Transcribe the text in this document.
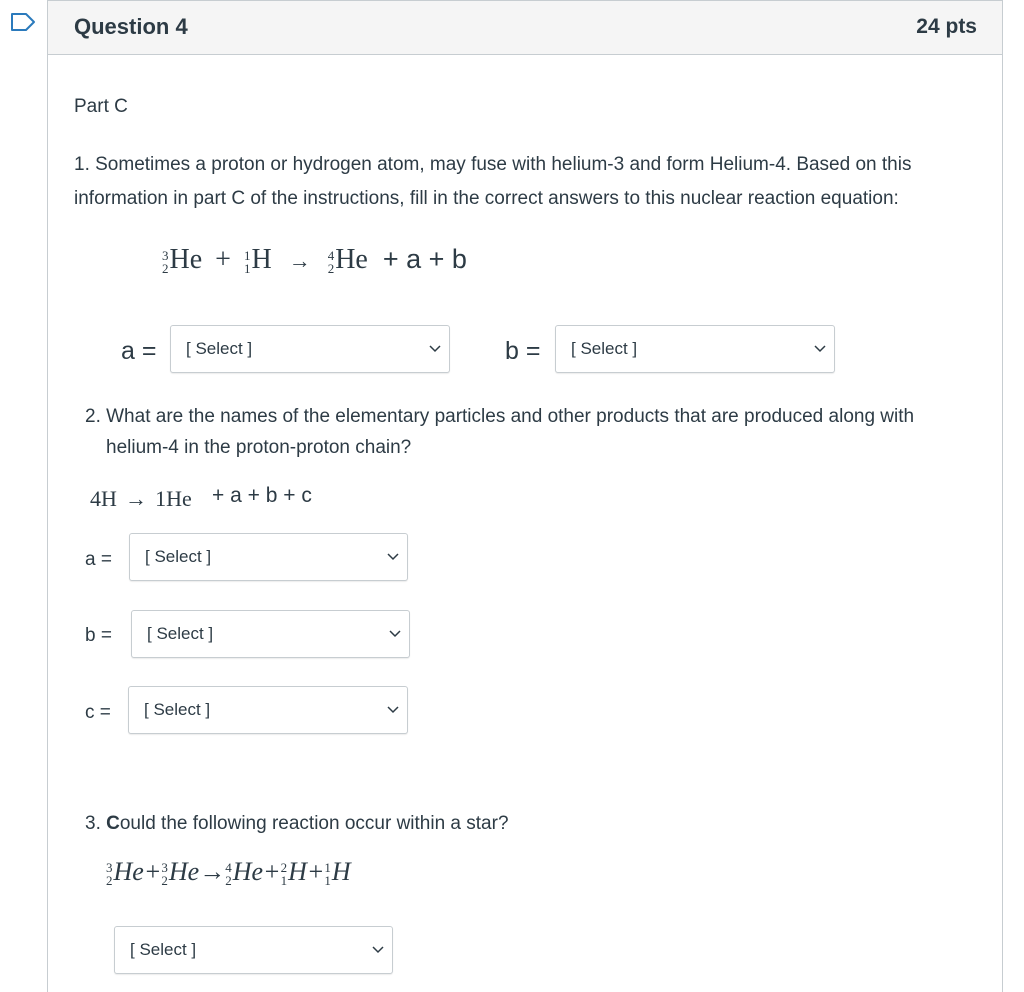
Question 4	24 pts
Part C
1. Sometimes a proton or hydrogen atom, may fuse with helium-3 and form Helium-4. Based on this
information in part C of the instructions, fill in the correct answers to this nuclear reaction equation:
3
2 He + 1
1 H → 4
2 He + a + b
a = [ Select ]	b = [ Select ]
2. What are the names of the elementary particles and other products that are produced along with
helium-4 in the proton-proton chain?
4H → 1He + a + b + c
a = [ Select ]
b = [ Select ]
c = [ Select ]
3. Could the following reaction occur within a star?
3
2 He+ 3
2 He→ 4
2 He+ 2
1 H+ 1
1 H
[ Select ]
